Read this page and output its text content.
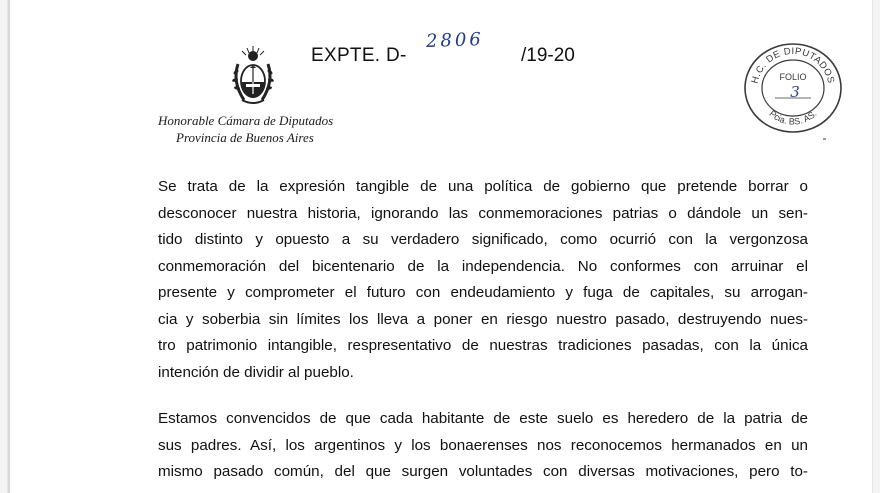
Honorable Cámara de Diputados
Provincia de Buenos Aires
EXPTE. D-
2806
/19-20
H.C. DE DIPUTADOS
Pcia. BS. AS.
FOLIO
3
Se trata de la expresión tangible de una política de gobierno que pretende borrar o
desconocer nuestra historia, ignorando las conmemoraciones patrias o dándole un sen-
tido distinto y opuesto a su verdadero significado, como ocurrió con la vergonzosa
conmemoración del bicentenario de la independencia. No conformes con arruinar el
presente y comprometer el futuro con endeudamiento y fuga de capitales, su arrogan-
cia y soberbia sin límites los lleva a poner en riesgo nuestro pasado, destruyendo nues-
tro patrimonio intangible, respresentativo de nuestras tradiciones pasadas, con la única
intención de dividir al pueblo.
Estamos convencidos de que cada habitante de este suelo es heredero de la patria de
sus padres. Así, los argentinos y los bonaerenses nos reconocemos hermanados en un
mismo pasado común, del que surgen voluntades con diversas motivaciones, pero to-
